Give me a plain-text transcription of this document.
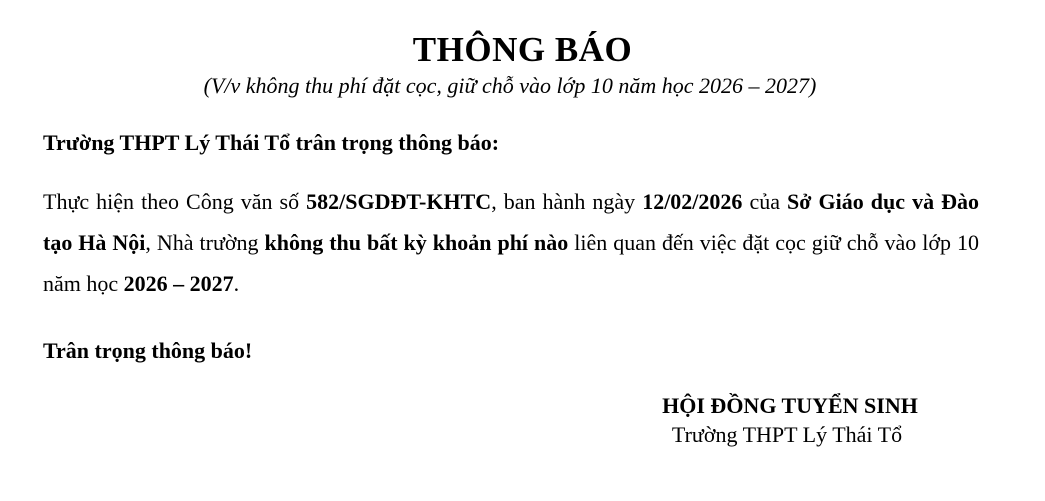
THÔNG BÁO
(V/v không thu phí đặt cọc, giữ chỗ vào lớp 10 năm học 2026 – 2027)
Trường THPT Lý Thái Tổ trân trọng thông báo:
Thực hiện theo Công văn số 582/SGDĐT-KHTC, ban hành ngày 12/02/2026 của Sở Giáo dục và Đào tạo Hà Nội, Nhà trường không thu bất kỳ khoản phí nào liên quan đến việc đặt cọc giữ chỗ vào lớp 10 năm học 2026 – 2027.
Trân trọng thông báo!
HỘI ĐỒNG TUYỂN SINH
Trường THPT Lý Thái Tổ
